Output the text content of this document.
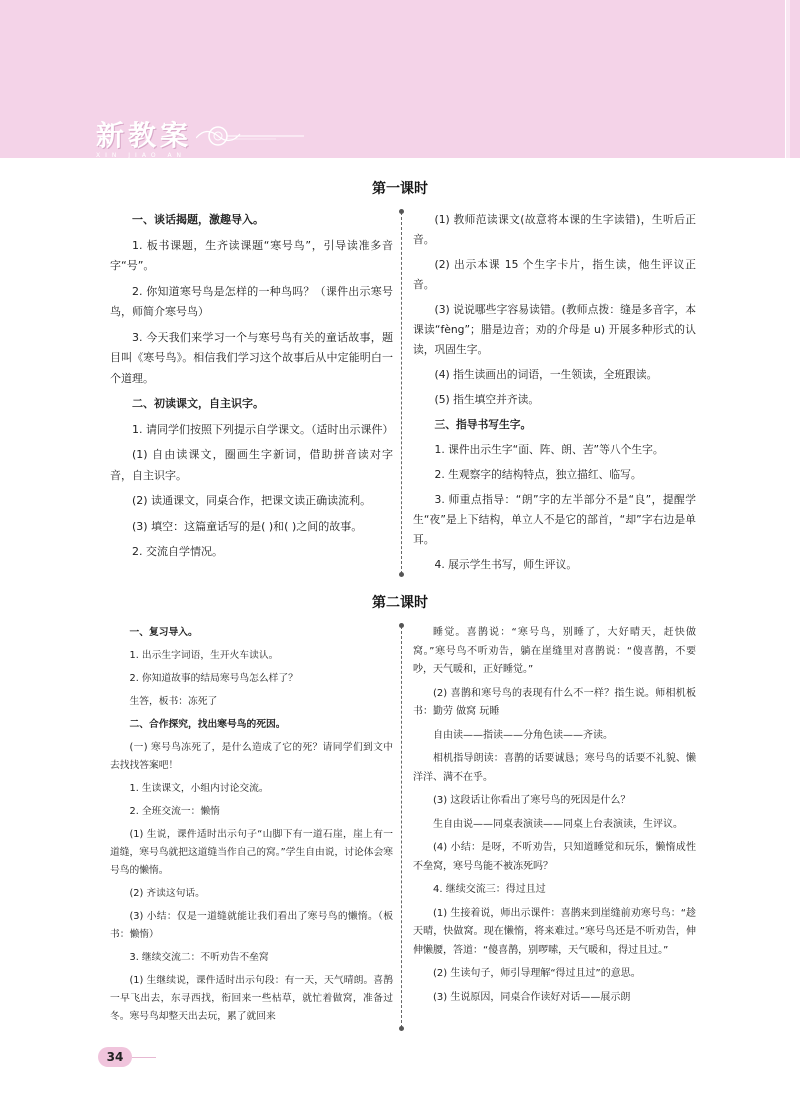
新教案
XIN JIAO AN
第一课时

一、谈话揭题，激趣导入。

1. 板书课题，生齐读课题“寒号鸟”，引导读准多音字“号”。

2. 你知道寒号鸟是怎样的一种鸟吗？（课件出示寒号鸟，师简介寒号鸟）

3. 今天我们来学习一个与寒号鸟有关的童话故事，题目叫《寒号鸟》。相信我们学习这个故事后从中定能明白一个道理。

二、初读课文，自主识字。

1. 请同学们按照下列提示自学课文。（适时出示课件）

(1) 自由读课文，圈画生字新词，借助拼音读对字音，自主识字。

(2) 读通课文，同桌合作，把课文读正确读流利。

(3) 填空：这篇童话写的是( )和( )之间的故事。

2. 交流自学情况。

(1) 教师范读课文(故意将本课的生字读错)，生听后正音。

(2) 出示本课 15 个生字卡片，指生读，他生评议正音。

(3) 说说哪些字容易读错。(教师点拨：缝是多音字，本课读“fèng”；腊是边音；劝的介母是 u) 开展多种形式的认读，巩固生字。

(4) 指生读画出的词语，一生领读，全班跟读。

(5) 指生填空并齐读。

三、指导书写生字。

1. 课件出示生字“面、阵、朗、苦”等八个生字。

2. 生观察字的结构特点，独立描红、临写。

3. 师重点指导：“朗”字的左半部分不是“良”，提醒学生“夜”是上下结构，单立人不是它的部首，“却”字右边是单耳。

4. 展示学生书写，师生评议。

第二课时

一、复习导入。

1. 出示生字词语，生开火车读认。

2. 你知道故事的结局寒号鸟怎么样了？

生答，板书：冻死了

二、合作探究，找出寒号鸟的死因。

(一) 寒号鸟冻死了，是什么造成了它的死？请同学们到文中去找找答案吧！

1. 生读课文，小组内讨论交流。

2. 全班交流一：懒惰

(1) 生说，课件适时出示句子“山脚下有一道石崖，崖上有一道缝，寒号鸟就把这道缝当作自己的窝。”学生自由说，讨论体会寒号鸟的懒惰。

(2) 齐读这句话。

(3) 小结：仅是一道缝就能让我们看出了寒号鸟的懒惰。（板书：懒惰）

3. 继续交流二：不听劝告不垒窝

(1) 生继续说，课件适时出示句段：有一天，天气晴朗。喜鹊一早飞出去，东寻西找，衔回来一些枯草，就忙着做窝，准备过冬。寒号鸟却整天出去玩，累了就回来

睡觉。喜鹊说：“寒号鸟，别睡了，大好晴天，赶快做窝。”寒号鸟不听劝告，躺在崖缝里对喜鹊说：“傻喜鹊，不要吵，天气暖和，正好睡觉。”

(2) 喜鹊和寒号鸟的表现有什么不一样？指生说。师相机板书：勤劳 做窝 玩睡

自由读——指读——分角色读——齐读。

相机指导朗读：喜鹊的话要诚恳；寒号鸟的话要不礼貌、懒洋洋、满不在乎。

(3) 这段话让你看出了寒号鸟的死因是什么？

生自由说——同桌表演读——同桌上台表演读，生评议。

(4) 小结：是呀，不听劝告，只知道睡觉和玩乐，懒惰成性不垒窝，寒号鸟能不被冻死吗？

4. 继续交流三：得过且过

(1) 生接着说，师出示课件：喜鹊来到崖缝前劝寒号鸟：“趁天晴，快做窝。现在懒惰，将来难过。”寒号鸟还是不听劝告，伸伸懒腰，答道：“傻喜鹊，别啰嗦，天气暖和，得过且过。”

(2) 生读句子，师引导理解“得过且过”的意思。

(3) 生说原因，同桌合作读好对话——展示朗

34
